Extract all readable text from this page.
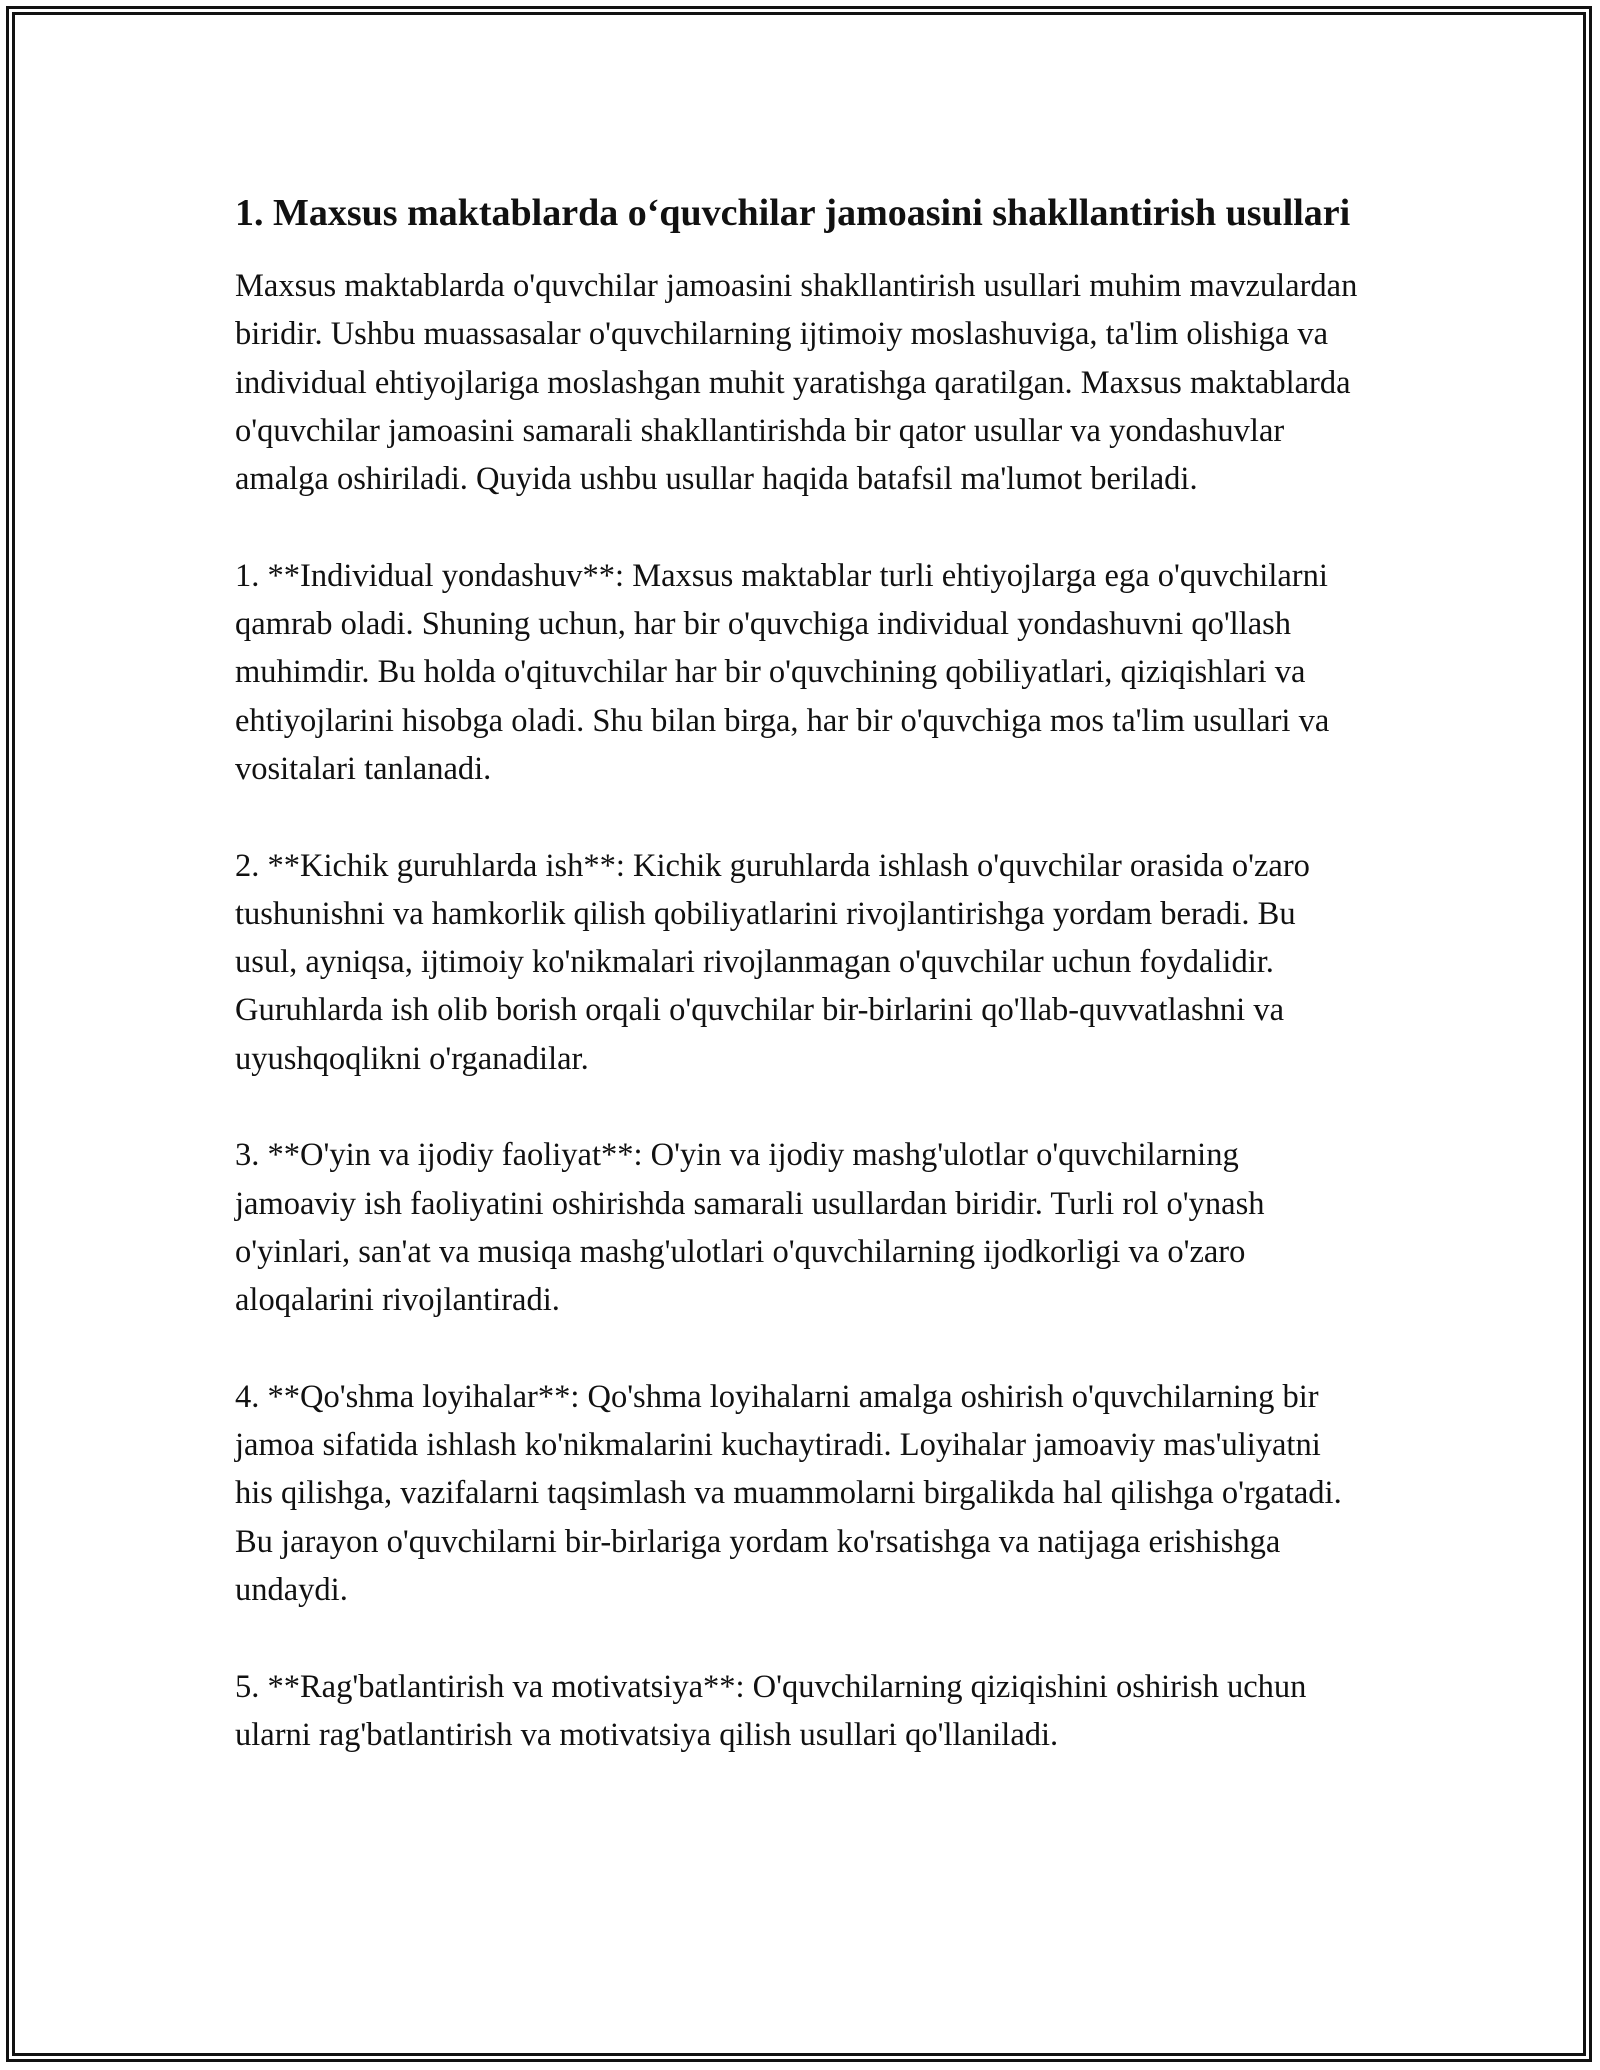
1. Maxsus maktablarda o‘quvchilar jamoasini shakllantirish usullari

Maxsus maktablarda o'quvchilar jamoasini shakllantirish usullari muhim mavzulardan biridir. Ushbu muassasalar o'quvchilarning ijtimoiy moslashuviga, ta'lim olishiga va individual ehtiyojlariga moslashgan muhit yaratishga qaratilgan. Maxsus maktablarda o'quvchilar jamoasini samarali shakllantirishda bir qator usullar va yondashuvlar amalga oshiriladi. Quyida ushbu usullar haqida batafsil ma'lumot beriladi.

1. **Individual yondashuv**: Maxsus maktablar turli ehtiyojlarga ega o'quvchilarni qamrab oladi. Shuning uchun, har bir o'quvchiga individual yondashuvni qo'llash muhimdir. Bu holda o'qituvchilar har bir o'quvchining qobiliyatlari, qiziqishlari va ehtiyojlarini hisobga oladi. Shu bilan birga, har bir o'quvchiga mos ta'lim usullari va vositalari tanlanadi.

2. **Kichik guruhlarda ish**: Kichik guruhlarda ishlash o'quvchilar orasida o'zaro tushunishni va hamkorlik qilish qobiliyatlarini rivojlantirishga yordam beradi. Bu usul, ayniqsa, ijtimoiy ko'nikmalari rivojlanmagan o'quvchilar uchun foydalidir. Guruhlarda ish olib borish orqali o'quvchilar bir-birlarini qo'llab-quvvatlashni va uyushqoqlikni o'rganadilar.

3. **O'yin va ijodiy faoliyat**: O'yin va ijodiy mashg'ulotlar o'quvchilarning jamoaviy ish faoliyatini oshirishda samarali usullardan biridir. Turli rol o'ynash o'yinlari, san'at va musiqa mashg'ulotlari o'quvchilarning ijodkorligi va o'zaro aloqalarini rivojlantiradi.

4. **Qo'shma loyihalar**: Qo'shma loyihalarni amalga oshirish o'quvchilarning bir jamoa sifatida ishlash ko'nikmalarini kuchaytiradi. Loyihalar jamoaviy mas'uliyatni his qilishga, vazifalarni taqsimlash va muammolarni birgalikda hal qilishga o'rgatadi. Bu jarayon o'quvchilarni bir-birlariga yordam ko'rsatishga va natijaga erishishga undaydi.

5. **Rag'batlantirish va motivatsiya**: O'quvchilarning qiziqishini oshirish uchun ularni rag'batlantirish va motivatsiya qilish usullari qo'llaniladi.
